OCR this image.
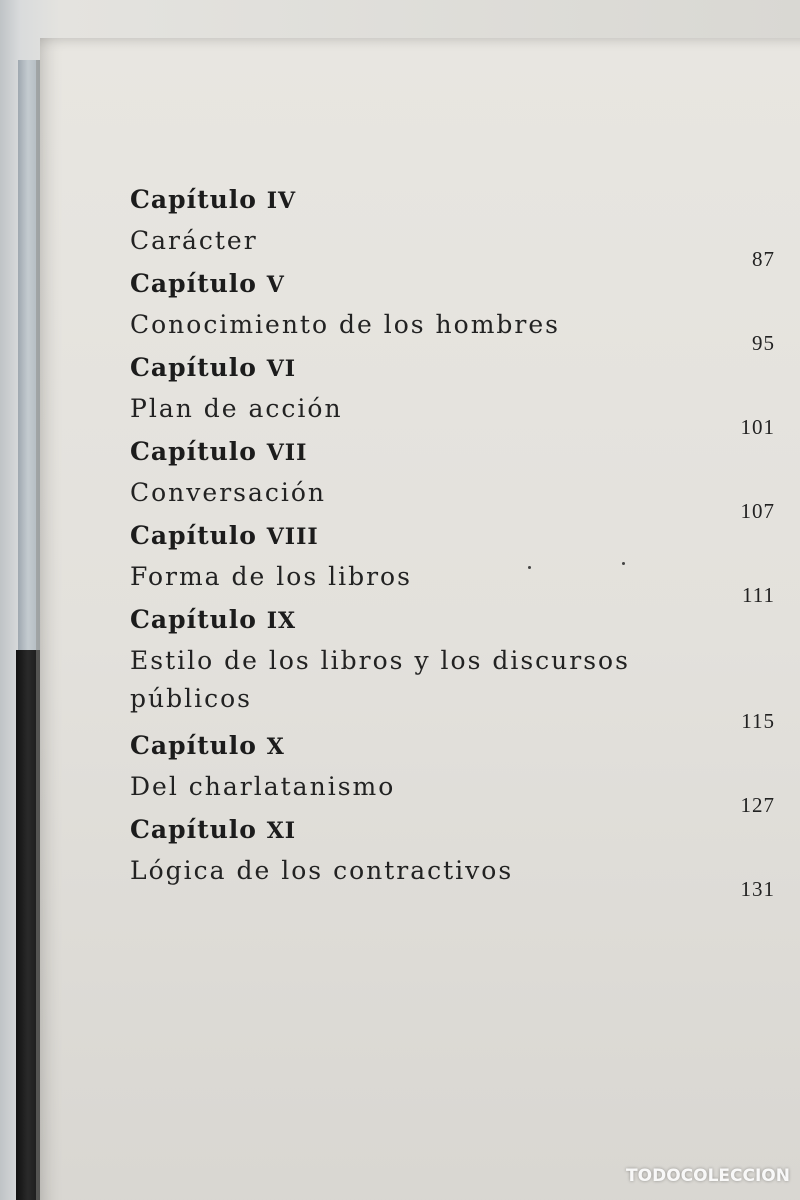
Capítulo IV
Carácter
87
Capítulo V
Conocimiento de los hombres
95
Capítulo VI
Plan de acción
101
Capítulo VII
Conversación
107
Capítulo VIII
Forma de los libros
111
Capítulo IX
Estilo de los libros y los discursos públicos
115
Capítulo X
Del charlatanismo
127
Capítulo XI
Lógica de los contractivos
131
TODOCOLECCION
